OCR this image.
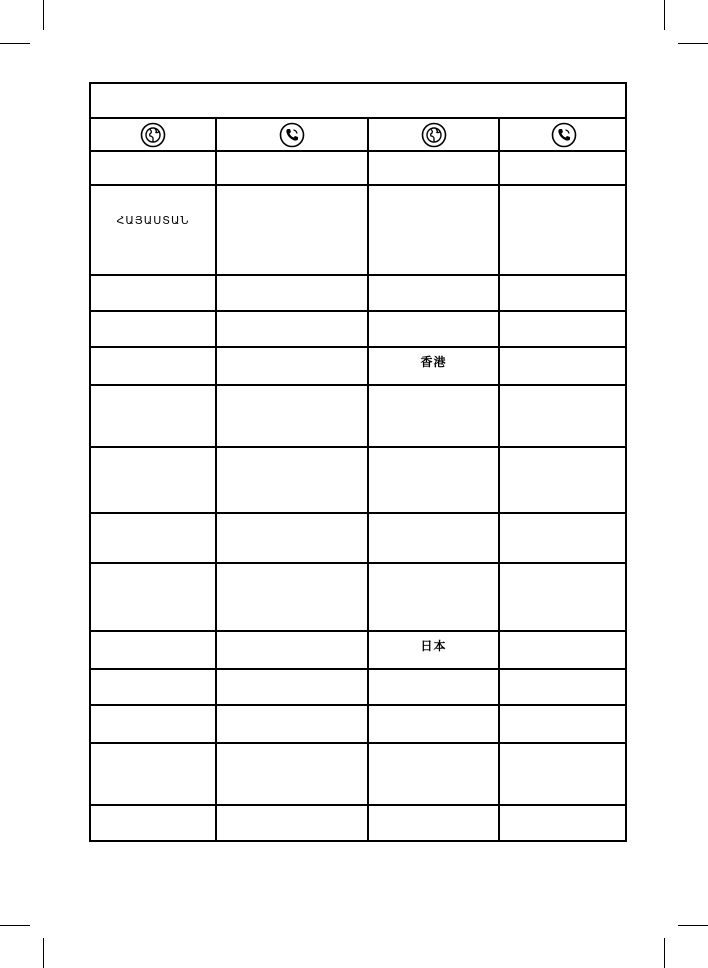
ՀԱՅԱՍՏԱՆ
香港
日本
